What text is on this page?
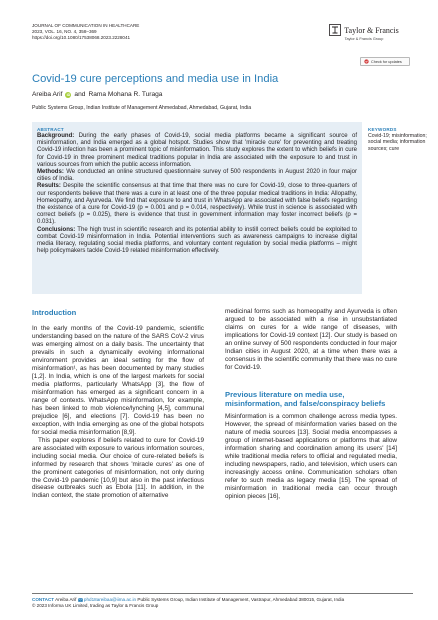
JOURNAL OF COMMUNICATION IN HEALTHCARE
2023, VOL. 16, NO. 4, 358–369
https://doi.org/10.1080/17538068.2023.2228041
Taylor & Francis
Taylor & Francis Group
Check for updates
Covid-19 cure perceptions and media use in India
Areiba Arif	iD and Rama Mohana R. Turaga
Public Systems Group, Indian Institute of Management Ahmedabad, Ahmedabad, Gujarat, India
ABSTRACT
Background: During the early phases of Covid-19, social media platforms became a significant source of misinformation, and India emerged as a global hotspot. Studies show that 'miracle cure' for preventing and treating Covid-19 infection has been a prominent topic of misinformation. This study explores the extent to which beliefs in cure for Covid-19 in three prominent medical traditions popular in India are associated with the exposure to and trust in various sources from which the public access information.
Methods: We conducted an online structured questionnaire survey of 500 respondents in August 2020 in four major cities of India.
Results: Despite the scientific consensus at that time that there was no cure for Covid-19, close to three-quarters of our respondents believe that there was a cure in at least one of the three popular medical traditions in India: Allopathy, Homeopathy, and Ayurveda. We find that exposure to and trust in WhatsApp are associated with false beliefs regarding the existence of a cure for Covid-19 (p = 0.001 and p = 0.014, respectively). While trust in science is associated with correct beliefs (p = 0.025), there is evidence that trust in government information may foster incorrect beliefs (p = 0.031).
Conclusions: The high trust in scientific research and its potential ability to instill correct beliefs could be exploited to combat Covid-19 misinformation in India. Potential interventions such as awareness campaigns to increase digital media literacy, regulating social media platforms, and voluntary content regulation by social media platforms – might help policymakers tackle Covid-19 related misinformation effectively.
KEYWORDS
Covid-19; misinformation; social media; information sources; cure
Introduction

In the early months of the Covid-19 pandemic, scientific understanding based on the nature of the SARS CoV-2 virus was emerging almost on a daily basis. The uncertainty that prevails in such a dynamically evolving informational environment provides an ideal setting for the flow of misinformation¹, as has been documented by many studies [1,2]. In India, which is one of the largest markets for social media platforms, particularly WhatsApp [3], the flow of misinformation has emerged as a significant concern in a range of contexts. WhatsApp misinformation, for example, has been linked to mob violence/lynching [4,5], communal prejudice [6], and elections [7]. Covid-19 has been no exception, with India emerging as one of the global hotspots for social media misinformation [8,9].

This paper explores if beliefs related to cure for Covid-19 are associated with exposure to various information sources, including social media. Our choice of cure-related beliefs is informed by research that shows 'miracle cures' as one of the prominent categories of misinformation, not only during the Covid-19 pandemic [10,9] but also in the past infectious disease outbreaks such as Ebola [11]. In addition, in the Indian context, the state promotion of alternative

medicinal forms such as homeopathy and Ayurveda is often argued to be associated with a rise in unsubstantiated claims on cures for a wide range of diseases, with implications for Covid-19 context [12]. Our study is based on an online survey of 500 respondents conducted in four major Indian cities in August 2020, at a time when there was a consensus in the scientific community that there was no cure for Covid-19.

Previous literature on media use, misinformation, and false/conspiracy beliefs

Misinformation is a common challenge across media types. However, the spread of misinformation varies based on the nature of media sources [13]. Social media encompasses a group of internet-based applications or platforms that allow information sharing and coordination among its users' [14] while traditional media refers to official and regulated media, including newspapers, radio, and television, which users can increasingly access online. Communication scholars often refer to such media as legacy media [15]. The spread of misinformation in traditional media can occur through opinion pieces [16],

CONTACT Areiba Arif phd18areibaa@iima.ac.in Public Systems Group, Indian Institute of Management, Vastrapur, Ahmedabad 380015, Gujarat, India
© 2023 Informa UK Limited, trading as Taylor & Francis Group
